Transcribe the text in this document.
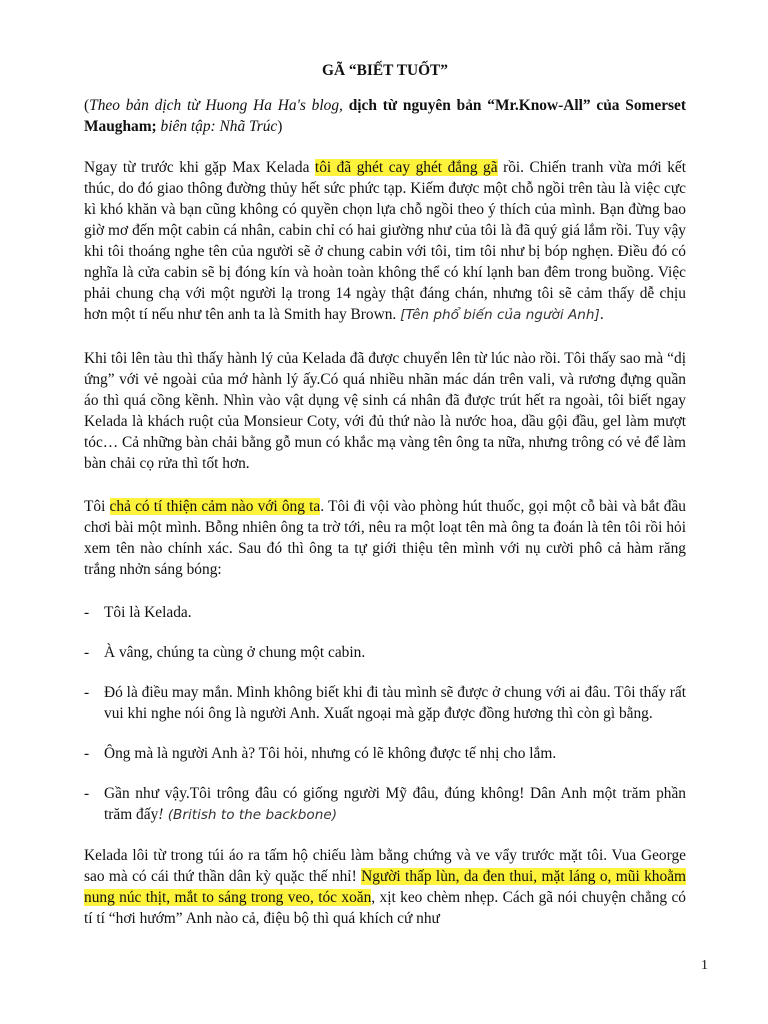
GÃ “BIẾT TUỐT”

(Theo bản dịch từ Huong Ha Ha's blog, dịch từ nguyên bản “Mr.Know-All” của Somerset Maugham; biên tập: Nhã Trúc)

Ngay từ trước khi gặp Max Kelada tôi đã ghét cay ghét đắng gã rồi. Chiến tranh vừa mới kết thúc, do đó giao thông đường thủy hết sức phức tạp. Kiếm được một chỗ ngồi trên tàu là việc cực kì khó khăn và bạn cũng không có quyền chọn lựa chỗ ngồi theo ý thích của mình. Bạn đừng bao giờ mơ đến một cabin cá nhân, cabin chỉ có hai giường như của tôi là đã quý giá lắm rồi. Tuy vậy khi tôi thoáng nghe tên của người sẽ ở chung cabin với tôi, tim tôi như bị bóp nghẹn. Điều đó có nghĩa là cửa cabin sẽ bị đóng kín và hoàn toàn không thể có khí lạnh ban đêm trong buồng. Việc phải chung chạ với một người lạ trong 14 ngày thật đáng chán, nhưng tôi sẽ cảm thấy dễ chịu hơn một tí nếu như tên anh ta là Smith hay Brown. [Tên phổ biến của người Anh].

Khi tôi lên tàu thì thấy hành lý của Kelada đã được chuyển lên từ lúc nào rồi. Tôi thấy sao mà “dị ứng” với vẻ ngoài của mớ hành lý ấy.Có quá nhiều nhãn mác dán trên vali, và rương đựng quần áo thì quá cồng kềnh. Nhìn vào vật dụng vệ sinh cá nhân đã được trút hết ra ngoài, tôi biết ngay Kelada là khách ruột của Monsieur Coty, với đủ thứ nào là nước hoa, dầu gội đầu, gel làm mượt tóc… Cả những bàn chải bằng gỗ mun có khắc mạ vàng tên ông ta nữa, nhưng trông có vẻ để làm bàn chải cọ rửa thì tốt hơn.

Tôi chả có tí thiện cảm nào với ông ta. Tôi đi vội vào phòng hút thuốc, gọi một cỗ bài và bắt đầu chơi bài một mình. Bỗng nhiên ông ta trờ tới, nêu ra một loạt tên mà ông ta đoán là tên tôi rồi hỏi xem tên nào chính xác. Sau đó thì ông ta tự giới thiệu tên mình với nụ cười phô cả hàm răng trắng nhởn sáng bóng:

- Tôi là Kelada.
- À vâng, chúng ta cùng ở chung một cabin.
- Đó là điều may mắn. Mình không biết khi đi tàu mình sẽ được ở chung với ai đâu. Tôi thấy rất vui khi nghe nói ông là người Anh. Xuất ngoại mà gặp được đồng hương thì còn gì bằng.
- Ông mà là người Anh à? Tôi hỏi, nhưng có lẽ không được tế nhị cho lắm.
- Gần như vậy.Tôi trông đâu có giống người Mỹ đâu, đúng không! Dân Anh một trăm phần trăm đấy! (British to the backbone)

Kelada lôi từ trong túi áo ra tấm hộ chiếu làm bằng chứng và ve vẩy trước mặt tôi. Vua George sao mà có cái thứ thần dân kỳ quặc thế nhỉ! Người thấp lùn, da đen thui, mặt láng o, mũi khoằm nung núc thịt, mắt to sáng trong veo, tóc xoăn, xịt keo chèm nhẹp. Cách gã nói chuyện chẳng có tí tí “hơi hướm” Anh nào cả, điệu bộ thì quá khích cứ như

1
